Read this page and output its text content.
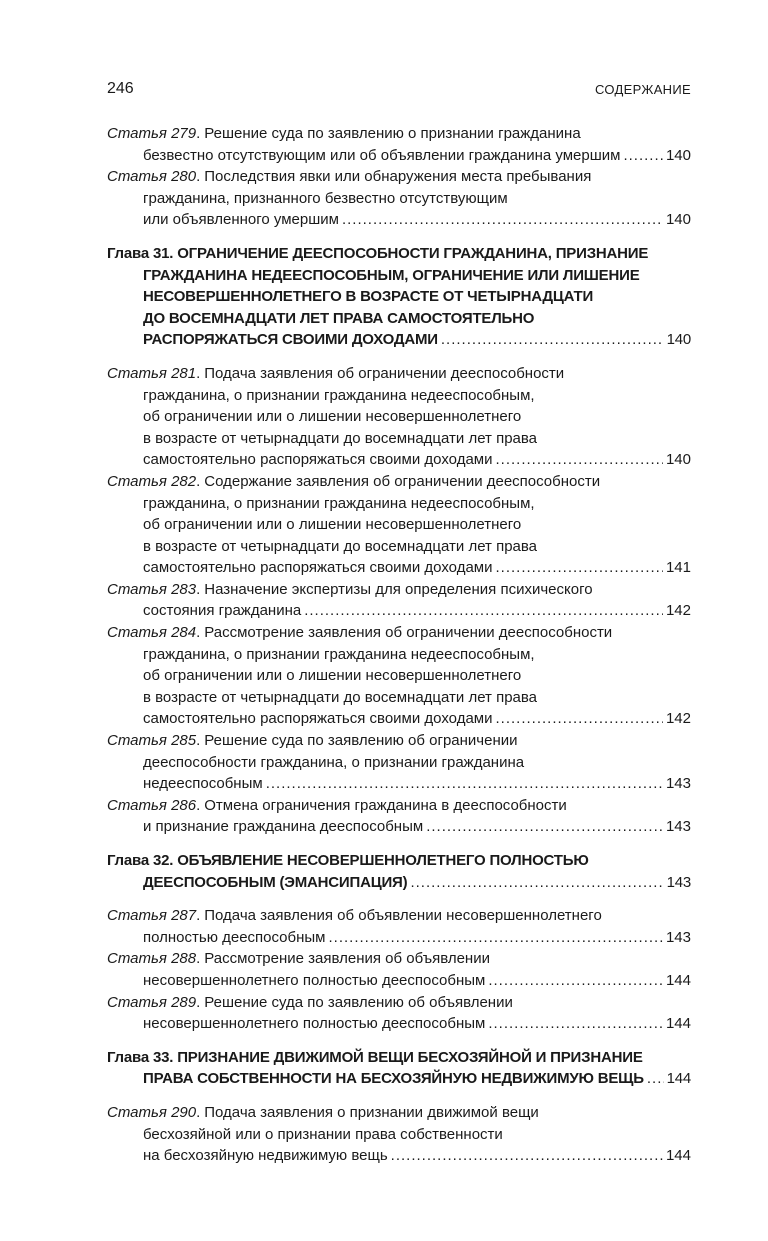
246	СОДЕРЖАНИЕ
Статья 279 . Решение суда по заявлению о признании гражданина
безвестно отсутствующим или об объявлении гражданина умершим .....	140
Статья 280 . Последствия явки или обнаружения места пребывания
гражданина, признанного безвестно отсутствующим
или объявленного умершим .....	140
Глава 31. ОГРАНИЧЕНИЕ ДЕЕСПОСОБНОСТИ ГРАЖДАНИНА, ПРИЗНАНИЕ
ГРАЖДАНИНА НЕДЕЕСПОСОБНЫМ, ОГРАНИЧЕНИЕ ИЛИ ЛИШЕНИЕ
НЕСОВЕРШЕННОЛЕТНЕГО В ВОЗРАСТЕ ОТ ЧЕТЫРНАДЦАТИ
ДО ВОСЕМНАДЦАТИ ЛЕТ ПРАВА САМОСТОЯТЕЛЬНО
РАСПОРЯЖАТЬСЯ СВОИМИ ДОХОДАМИ .....	140
Статья 281 . Подача заявления об ограничении дееспособности
гражданина, о признании гражданина недееспособным,
об ограничении или о лишении несовершеннолетнего
в возрасте от четырнадцати до восемнадцати лет права
самостоятельно распоряжаться своими доходами .....	140
Статья 282 . Содержание заявления об ограничении дееспособности
гражданина, о признании гражданина недееспособным,
об ограничении или о лишении несовершеннолетнего
в возрасте от четырнадцати до восемнадцати лет права
самостоятельно распоряжаться своими доходами .....	141
Статья 283 . Назначение экспертизы для определения психического
состояния гражданина .....	142
Статья 284 . Рассмотрение заявления об ограничении дееспособности
гражданина, о признании гражданина недееспособным,
об ограничении или о лишении несовершеннолетнего
в возрасте от четырнадцати до восемнадцати лет права
самостоятельно распоряжаться своими доходами .....	142
Статья 285 . Решение суда по заявлению об ограничении
дееспособности гражданина, о признании гражданина
недееспособным .....	143
Статья 286 . Отмена ограничения гражданина в дееспособности
и признание гражданина дееспособным .....	143
Глава 32. ОБЪЯВЛЕНИЕ НЕСОВЕРШЕННОЛЕТНЕГО ПОЛНОСТЬЮ
ДЕЕСПОСОБНЫМ (ЭМАНСИПАЦИЯ) .....	143
Статья 287 . Подача заявления об объявлении несовершеннолетнего
полностью дееспособным .....	143
Статья 288 . Рассмотрение заявления об объявлении
несовершеннолетнего полностью дееспособным .....	144
Статья 289 . Решение суда по заявлению об объявлении
несовершеннолетнего полностью дееспособным .....	144
Глава 33. ПРИЗНАНИЕ ДВИЖИМОЙ ВЕЩИ БЕСХОЗЯЙНОЙ И ПРИЗНАНИЕ
ПРАВА СОБСТВЕННОСТИ НА БЕСХОЗЯЙНУЮ НЕДВИЖИМУЮ ВЕЩЬ ..... 144
Статья 290 . Подача заявления о признании движимой вещи
бесхозяйной или о признании права собственности
на бесхозяйную недвижимую вещь .....	144
